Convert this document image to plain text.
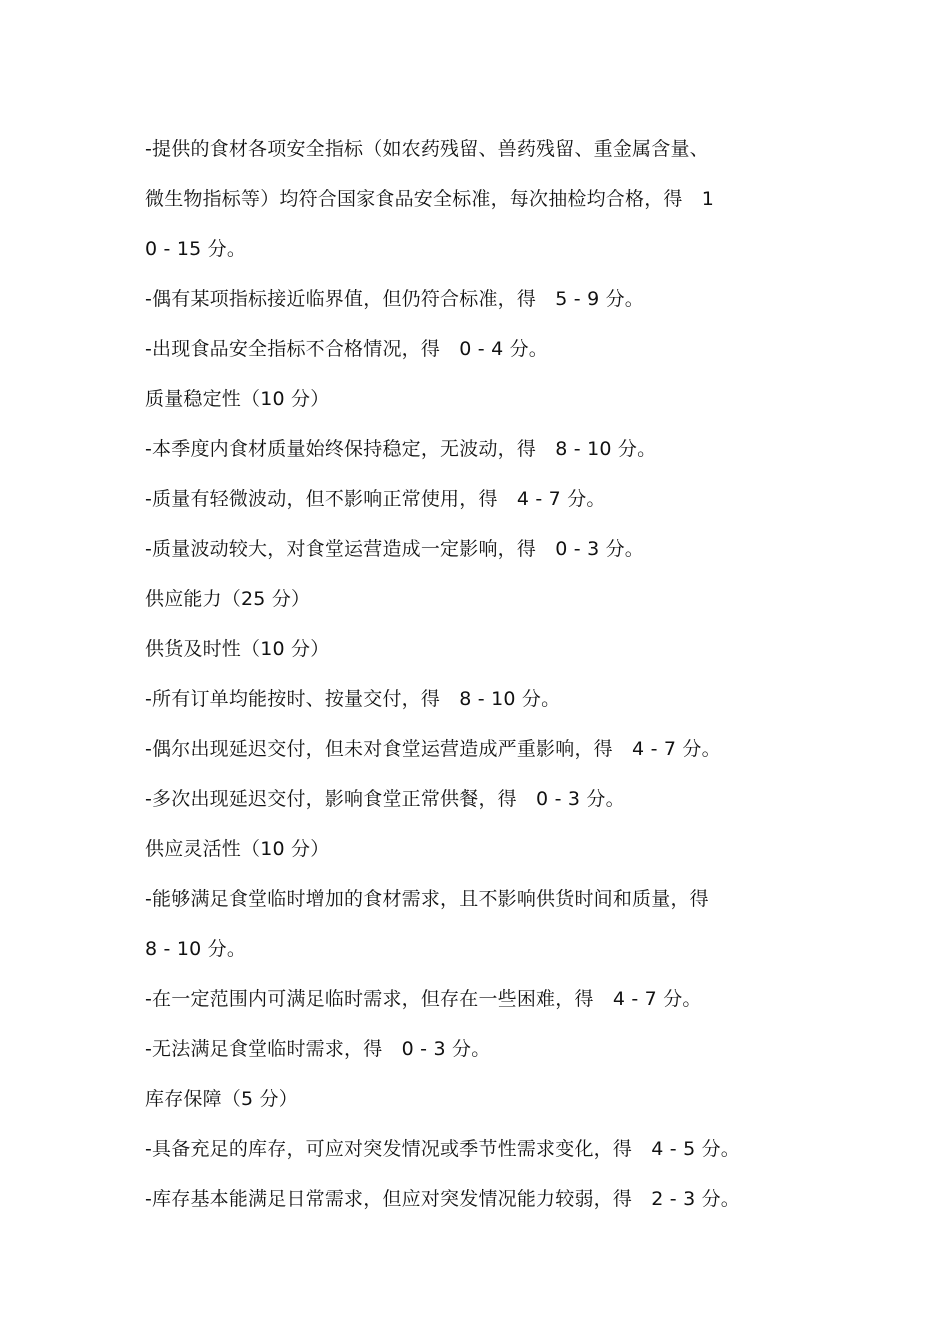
-提供的食材各项安全指标（如农药残留、兽药残留、重金属含量、
微生物指标等）均符合国家食品安全标准，每次抽检均合格，得　1
0 - 15 分。
-偶有某项指标接近临界值，但仍符合标准，得　5 - 9 分。
-出现食品安全指标不合格情况，得　0 - 4 分。
质量稳定性（10 分）
-本季度内食材质量始终保持稳定，无波动，得　8 - 10 分。
-质量有轻微波动，但不影响正常使用，得　4 - 7 分。
-质量波动较大，对食堂运营造成一定影响，得　0 - 3 分。
供应能力（25 分）
供货及时性（10 分）
-所有订单均能按时、按量交付，得　8 - 10 分。
-偶尔出现延迟交付，但未对食堂运营造成严重影响，得　4 - 7 分。
-多次出现延迟交付，影响食堂正常供餐，得　0 - 3 分。
供应灵活性（10 分）
-能够满足食堂临时增加的食材需求，且不影响供货时间和质量，得
8 - 10 分。
-在一定范围内可满足临时需求，但存在一些困难，得　4 - 7 分。
-无法满足食堂临时需求，得　0 - 3 分。
库存保障（5 分）
-具备充足的库存，可应对突发情况或季节性需求变化，得　4 - 5 分。
-库存基本能满足日常需求，但应对突发情况能力较弱，得　2 - 3 分。
